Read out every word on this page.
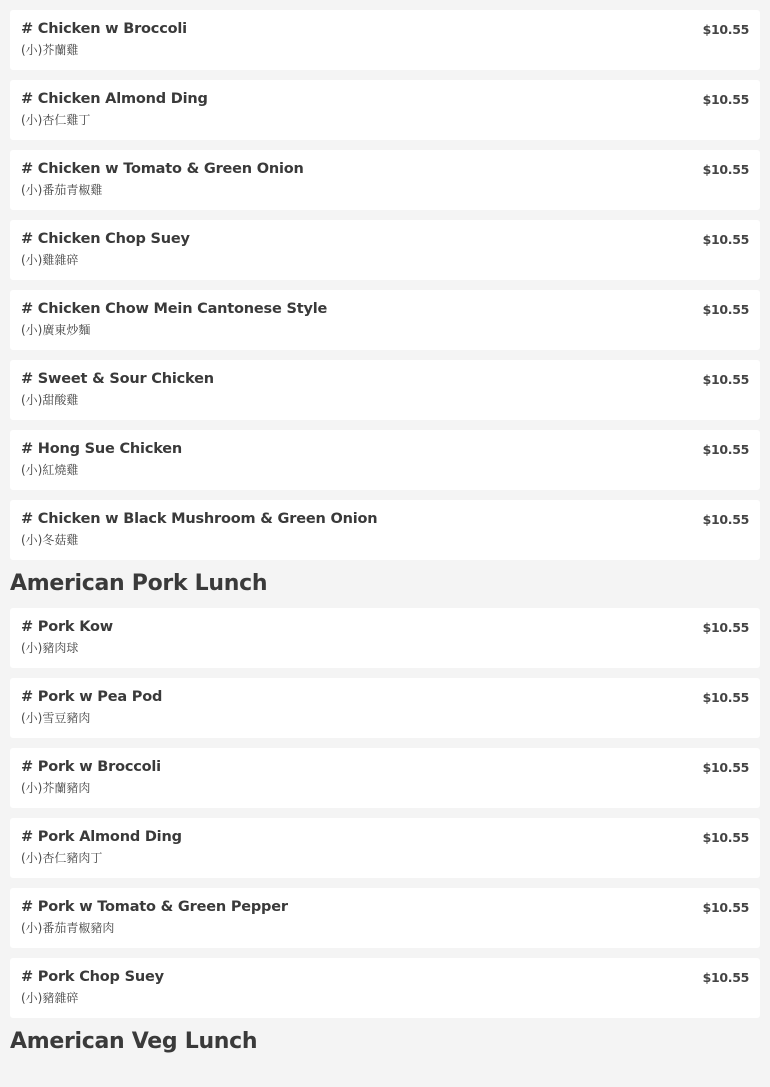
# Chicken w Broccoli
(小)芥蘭雞
$10.55
# Chicken Almond Ding
(小)杏仁雞丁
$10.55
# Chicken w Tomato & Green Onion
(小)番茄青椒雞
$10.55
# Chicken Chop Suey
(小)雞雜碎
$10.55
# Chicken Chow Mein Cantonese Style
(小)廣東炒麵
$10.55
# Sweet & Sour Chicken
(小)甜酸雞
$10.55
# Hong Sue Chicken
(小)紅燒雞
$10.55
# Chicken w Black Mushroom & Green Onion
(小)冬菇雞
$10.55
American Pork Lunch
# Pork Kow
(小)豬肉球
$10.55
# Pork w Pea Pod
(小)雪豆豬肉
$10.55
# Pork w Broccoli
(小)芥蘭豬肉
$10.55
# Pork Almond Ding
(小)杏仁豬肉丁
$10.55
# Pork w Tomato & Green Pepper
(小)番茄青椒豬肉
$10.55
# Pork Chop Suey
(小)豬雜碎
$10.55
American Veg Lunch
